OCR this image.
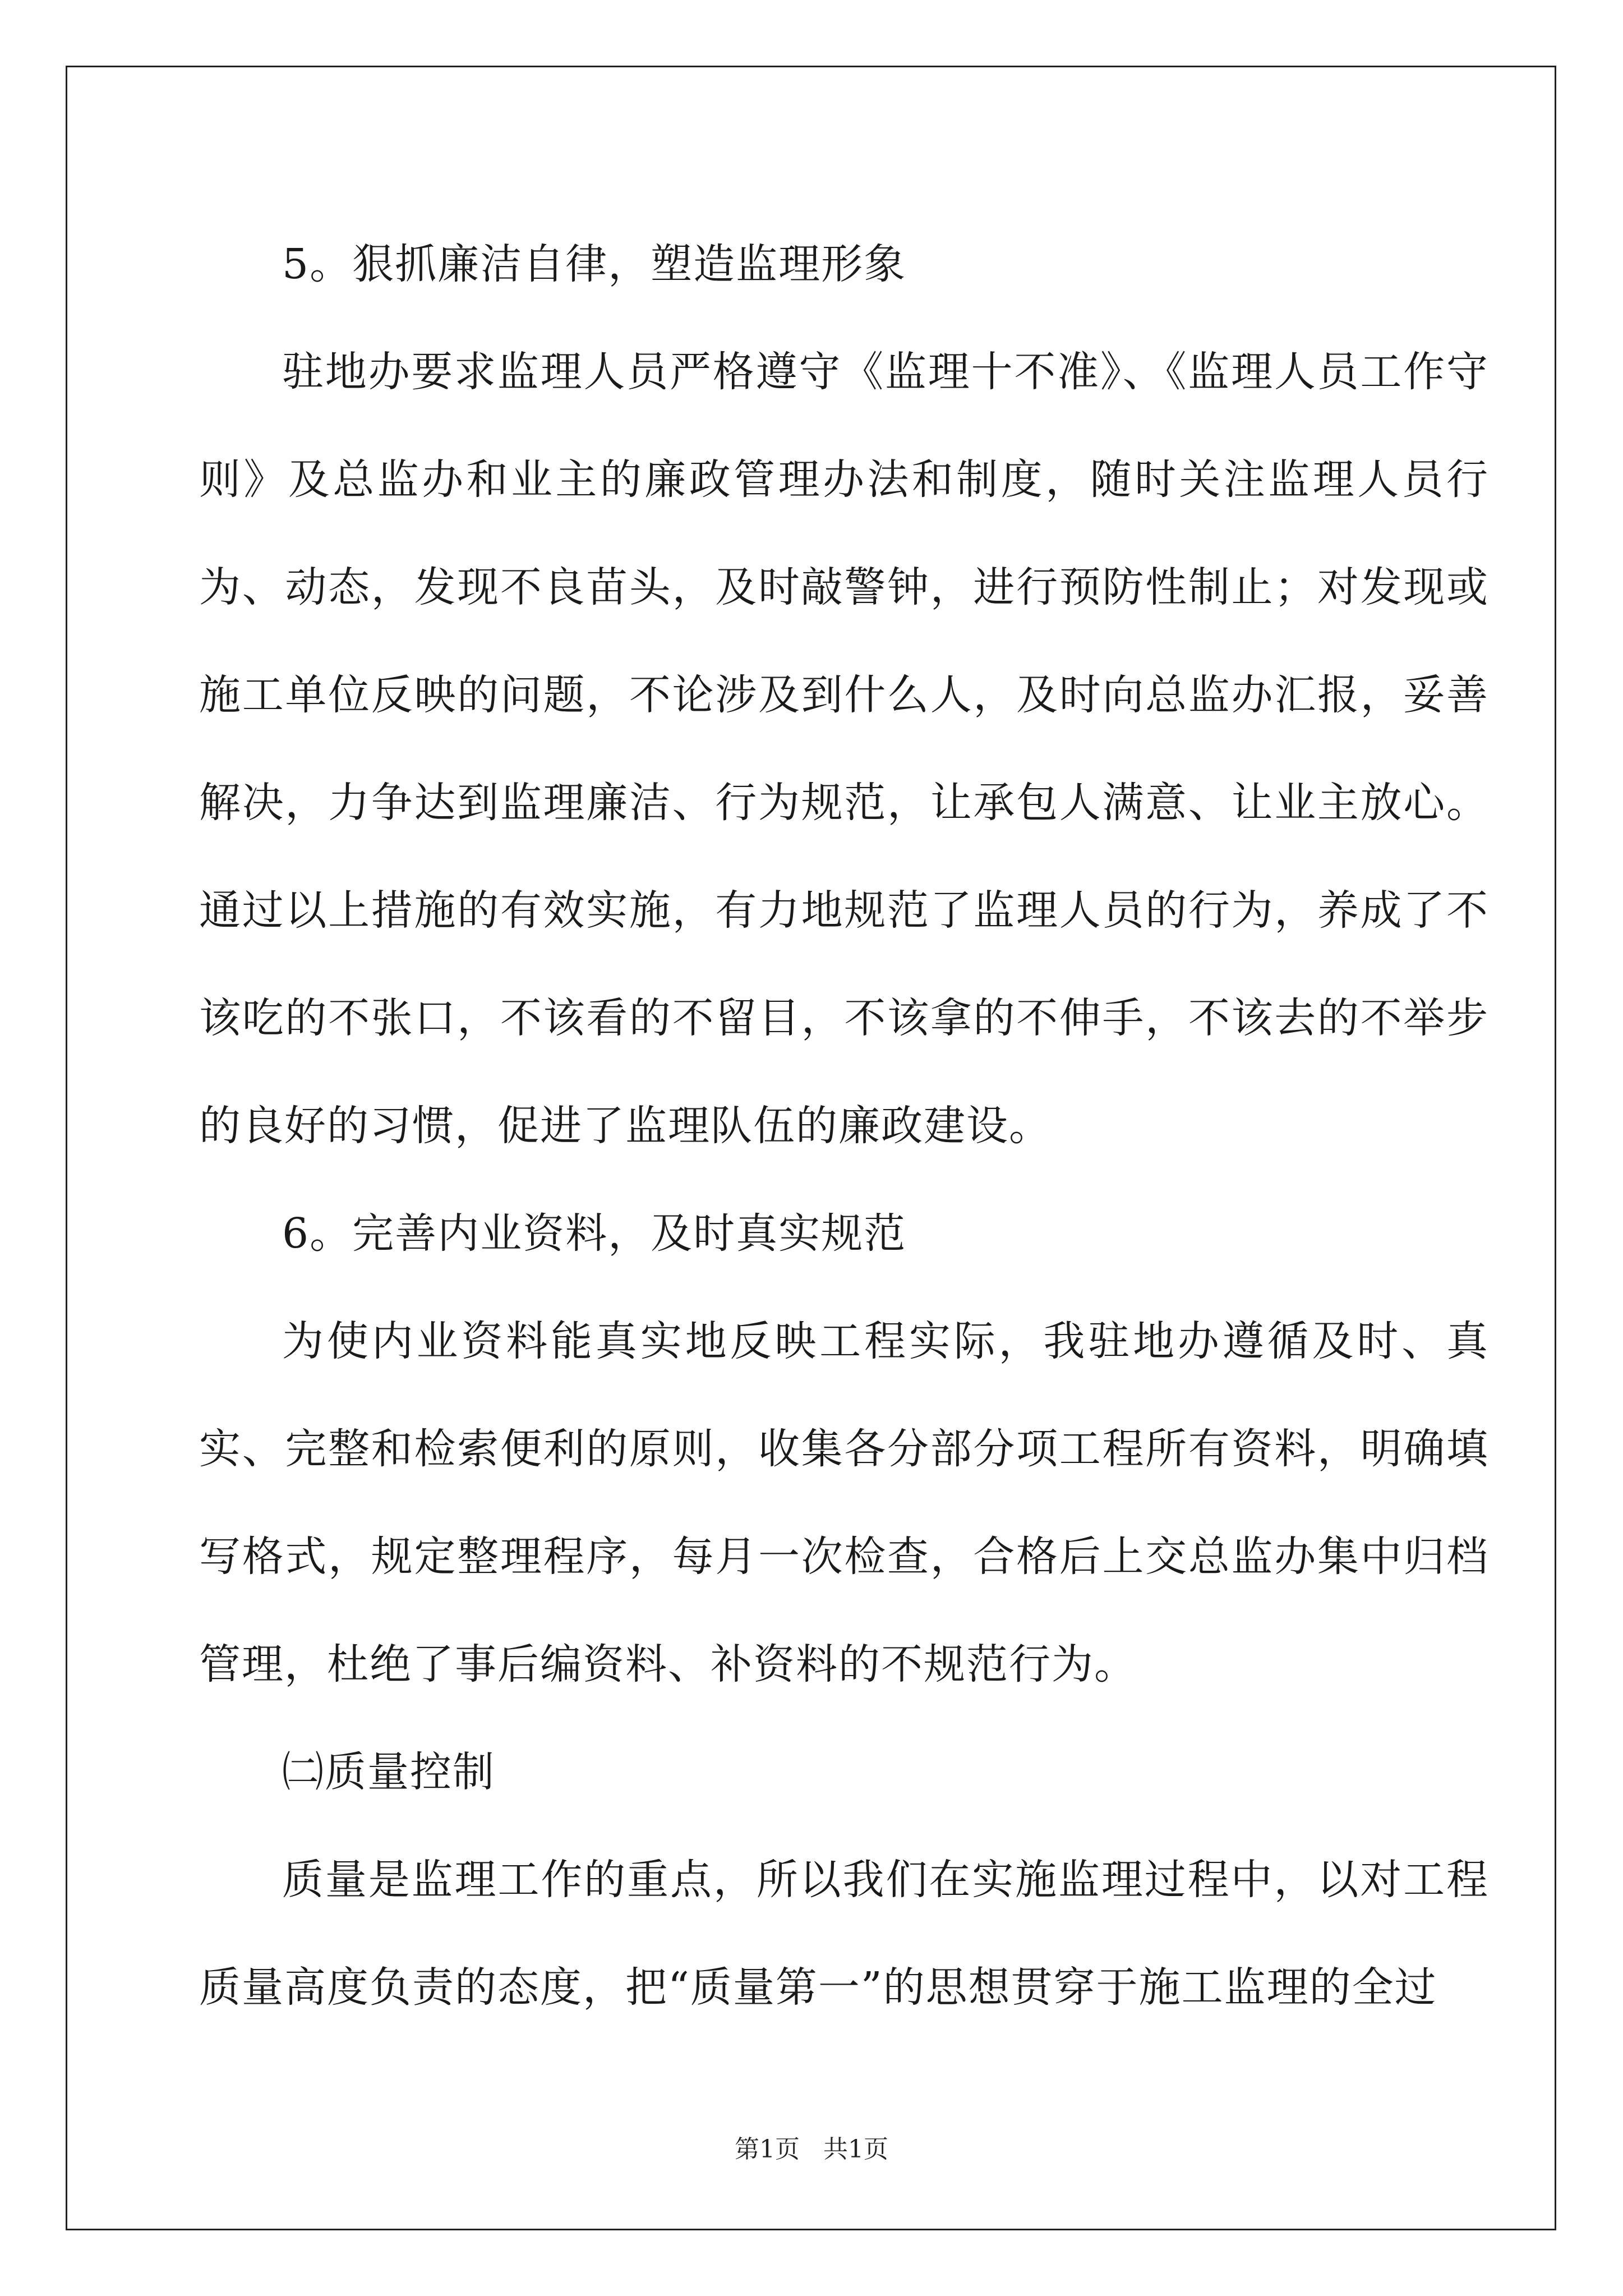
5。狠抓廉洁自律，塑造监理形象

驻地办要求监理人员严格遵守《监理十不准》、《监理人员工作守则》及总监办和业主的廉政管理办法和制度，随时关注监理人员行为、动态，发现不良苗头，及时敲警钟，进行预防性制止；对发现或施工单位反映的问题，不论涉及到什么人，及时向总监办汇报，妥善解决，力争达到监理廉洁、行为规范，让承包人满意、让业主放心。通过以上措施的有效实施，有力地规范了监理人员的行为，养成了不该吃的不张口，不该看的不留目，不该拿的不伸手，不该去的不举步的良好的习惯，促进了监理队伍的廉政建设。

6。完善内业资料，及时真实规范

为使内业资料能真实地反映工程实际，我驻地办遵循及时、真实、完整和检索便利的原则，收集各分部分项工程所有资料，明确填写格式，规定整理程序，每月一次检查，合格后上交总监办集中归档管理，杜绝了事后编资料、补资料的不规范行为。

㈡质量控制

质量是监理工作的重点，所以我们在实施监理过程中，以对工程质量高度负责的态度，把“质量第一”的思想贯穿于施工监理的全过

第1页 共1页
